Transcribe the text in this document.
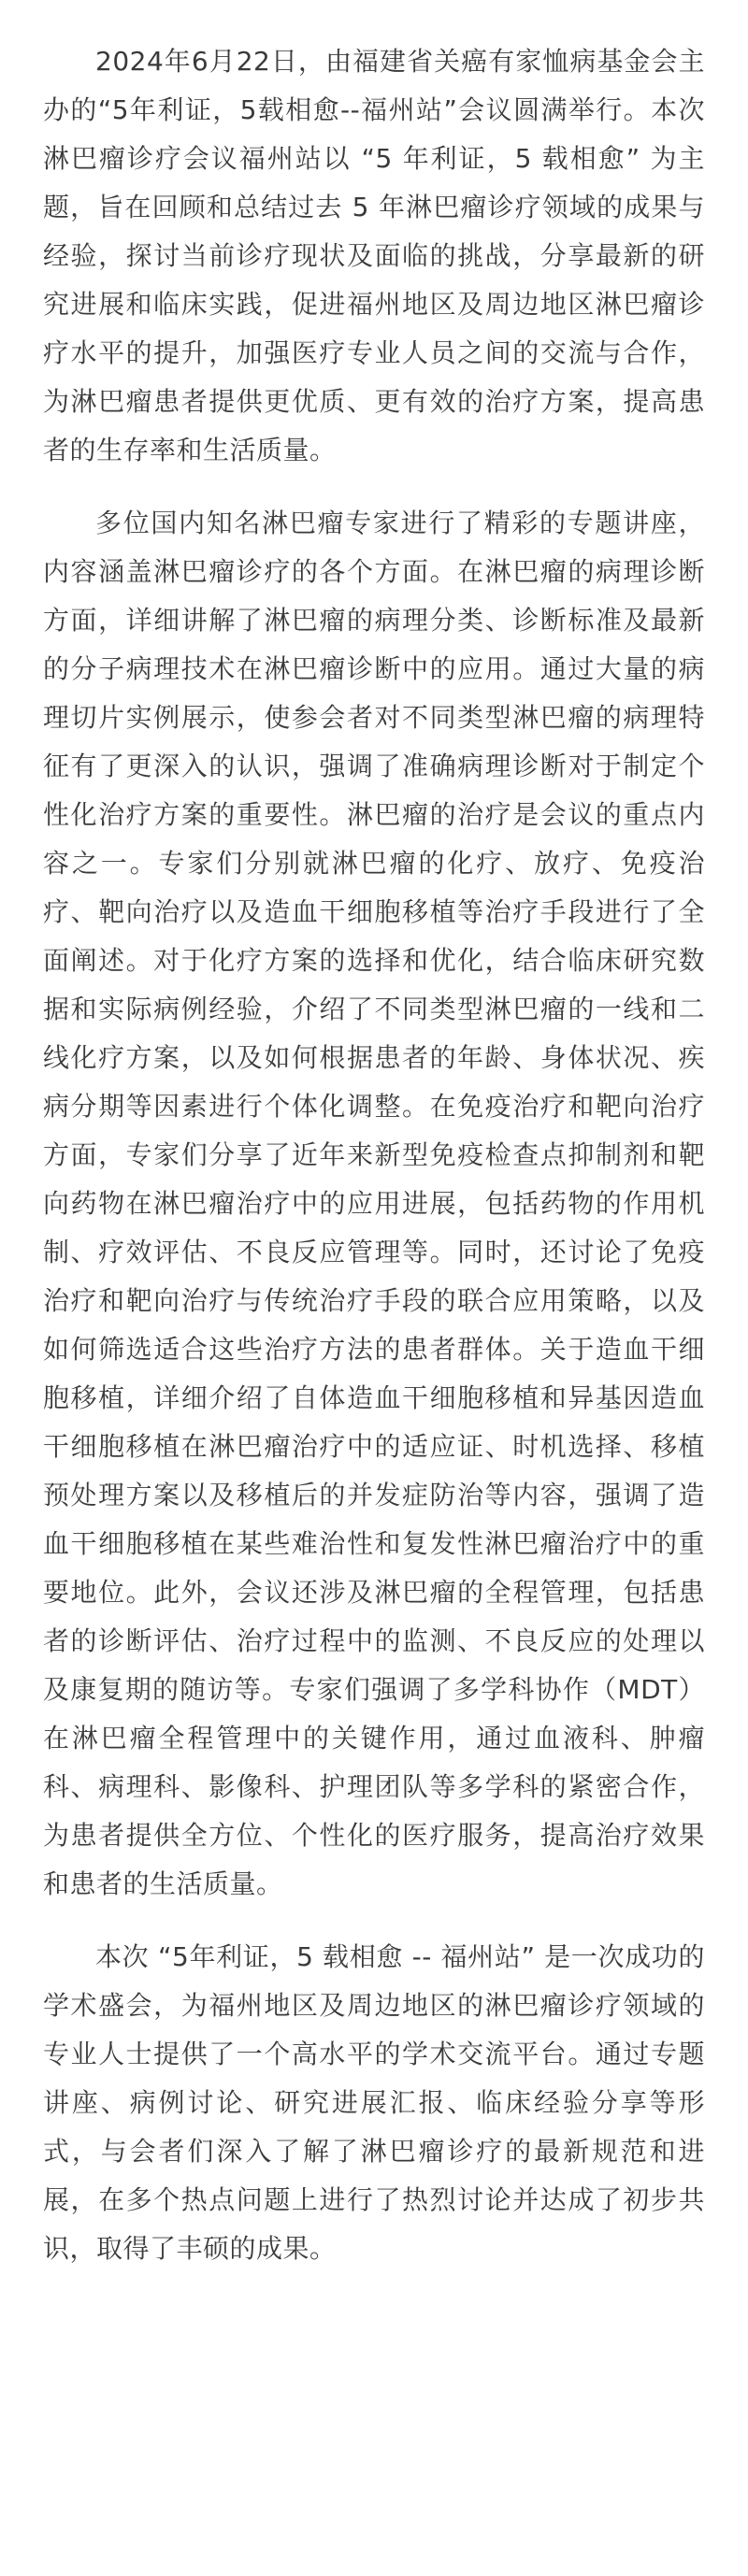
2024年6月22日，由福建省关癌有家恤病基金会主办的“5年利证，5载相愈--福州站”会议圆满举行。本次淋巴瘤诊疗会议福州站以 “5 年利证，5 载相愈” 为主题，旨在回顾和总结过去 5 年淋巴瘤诊疗领域的成果与经验，探讨当前诊疗现状及面临的挑战，分享最新的研究进展和临床实践，促进福州地区及周边地区淋巴瘤诊疗水平的提升，加强医疗专业人员之间的交流与合作，为淋巴瘤患者提供更优质、更有效的治疗方案，提高患者的生存率和生活质量。

多位国内知名淋巴瘤专家进行了精彩的专题讲座，内容涵盖淋巴瘤诊疗的各个方面。在淋巴瘤的病理诊断方面，详细讲解了淋巴瘤的病理分类、诊断标准及最新的分子病理技术在淋巴瘤诊断中的应用。通过大量的病理切片实例展示，使参会者对不同类型淋巴瘤的病理特征有了更深入的认识，强调了准确病理诊断对于制定个性化治疗方案的重要性。淋巴瘤的治疗是会议的重点内容之一。专家们分别就淋巴瘤的化疗、放疗、免疫治疗、靶向治疗以及造血干细胞移植等治疗手段进行了全面阐述。对于化疗方案的选择和优化，结合临床研究数据和实际病例经验，介绍了不同类型淋巴瘤的一线和二线化疗方案，以及如何根据患者的年龄、身体状况、疾病分期等因素进行个体化调整。在免疫治疗和靶向治疗方面，专家们分享了近年来新型免疫检查点抑制剂和靶向药物在淋巴瘤治疗中的应用进展，包括药物的作用机制、疗效评估、不良反应管理等。同时，还讨论了免疫治疗和靶向治疗与传统治疗手段的联合应用策略，以及如何筛选适合这些治疗方法的患者群体。关于造血干细胞移植，详细介绍了自体造血干细胞移植和异基因造血干细胞移植在淋巴瘤治疗中的适应证、时机选择、移植预处理方案以及移植后的并发症防治等内容，强调了造血干细胞移植在某些难治性和复发性淋巴瘤治疗中的重要地位。此外，会议还涉及淋巴瘤的全程管理，包括患者的诊断评估、治疗过程中的监测、不良反应的处理以及康复期的随访等。专家们强调了多学科协作（MDT）在淋巴瘤全程管理中的关键作用，通过血液科、肿瘤科、病理科、影像科、护理团队等多学科的紧密合作，为患者提供全方位、个性化的医疗服务，提高治疗效果和患者的生活质量。

本次 “5年利证，5 载相愈 -- 福州站” 是一次成功的学术盛会，为福州地区及周边地区的淋巴瘤诊疗领域的专业人士提供了一个高水平的学术交流平台。通过专题讲座、病例讨论、研究进展汇报、临床经验分享等形式，与会者们深入了解了淋巴瘤诊疗的最新规范和进展，在多个热点问题上进行了热烈讨论并达成了初步共识，取得了丰硕的成果。
